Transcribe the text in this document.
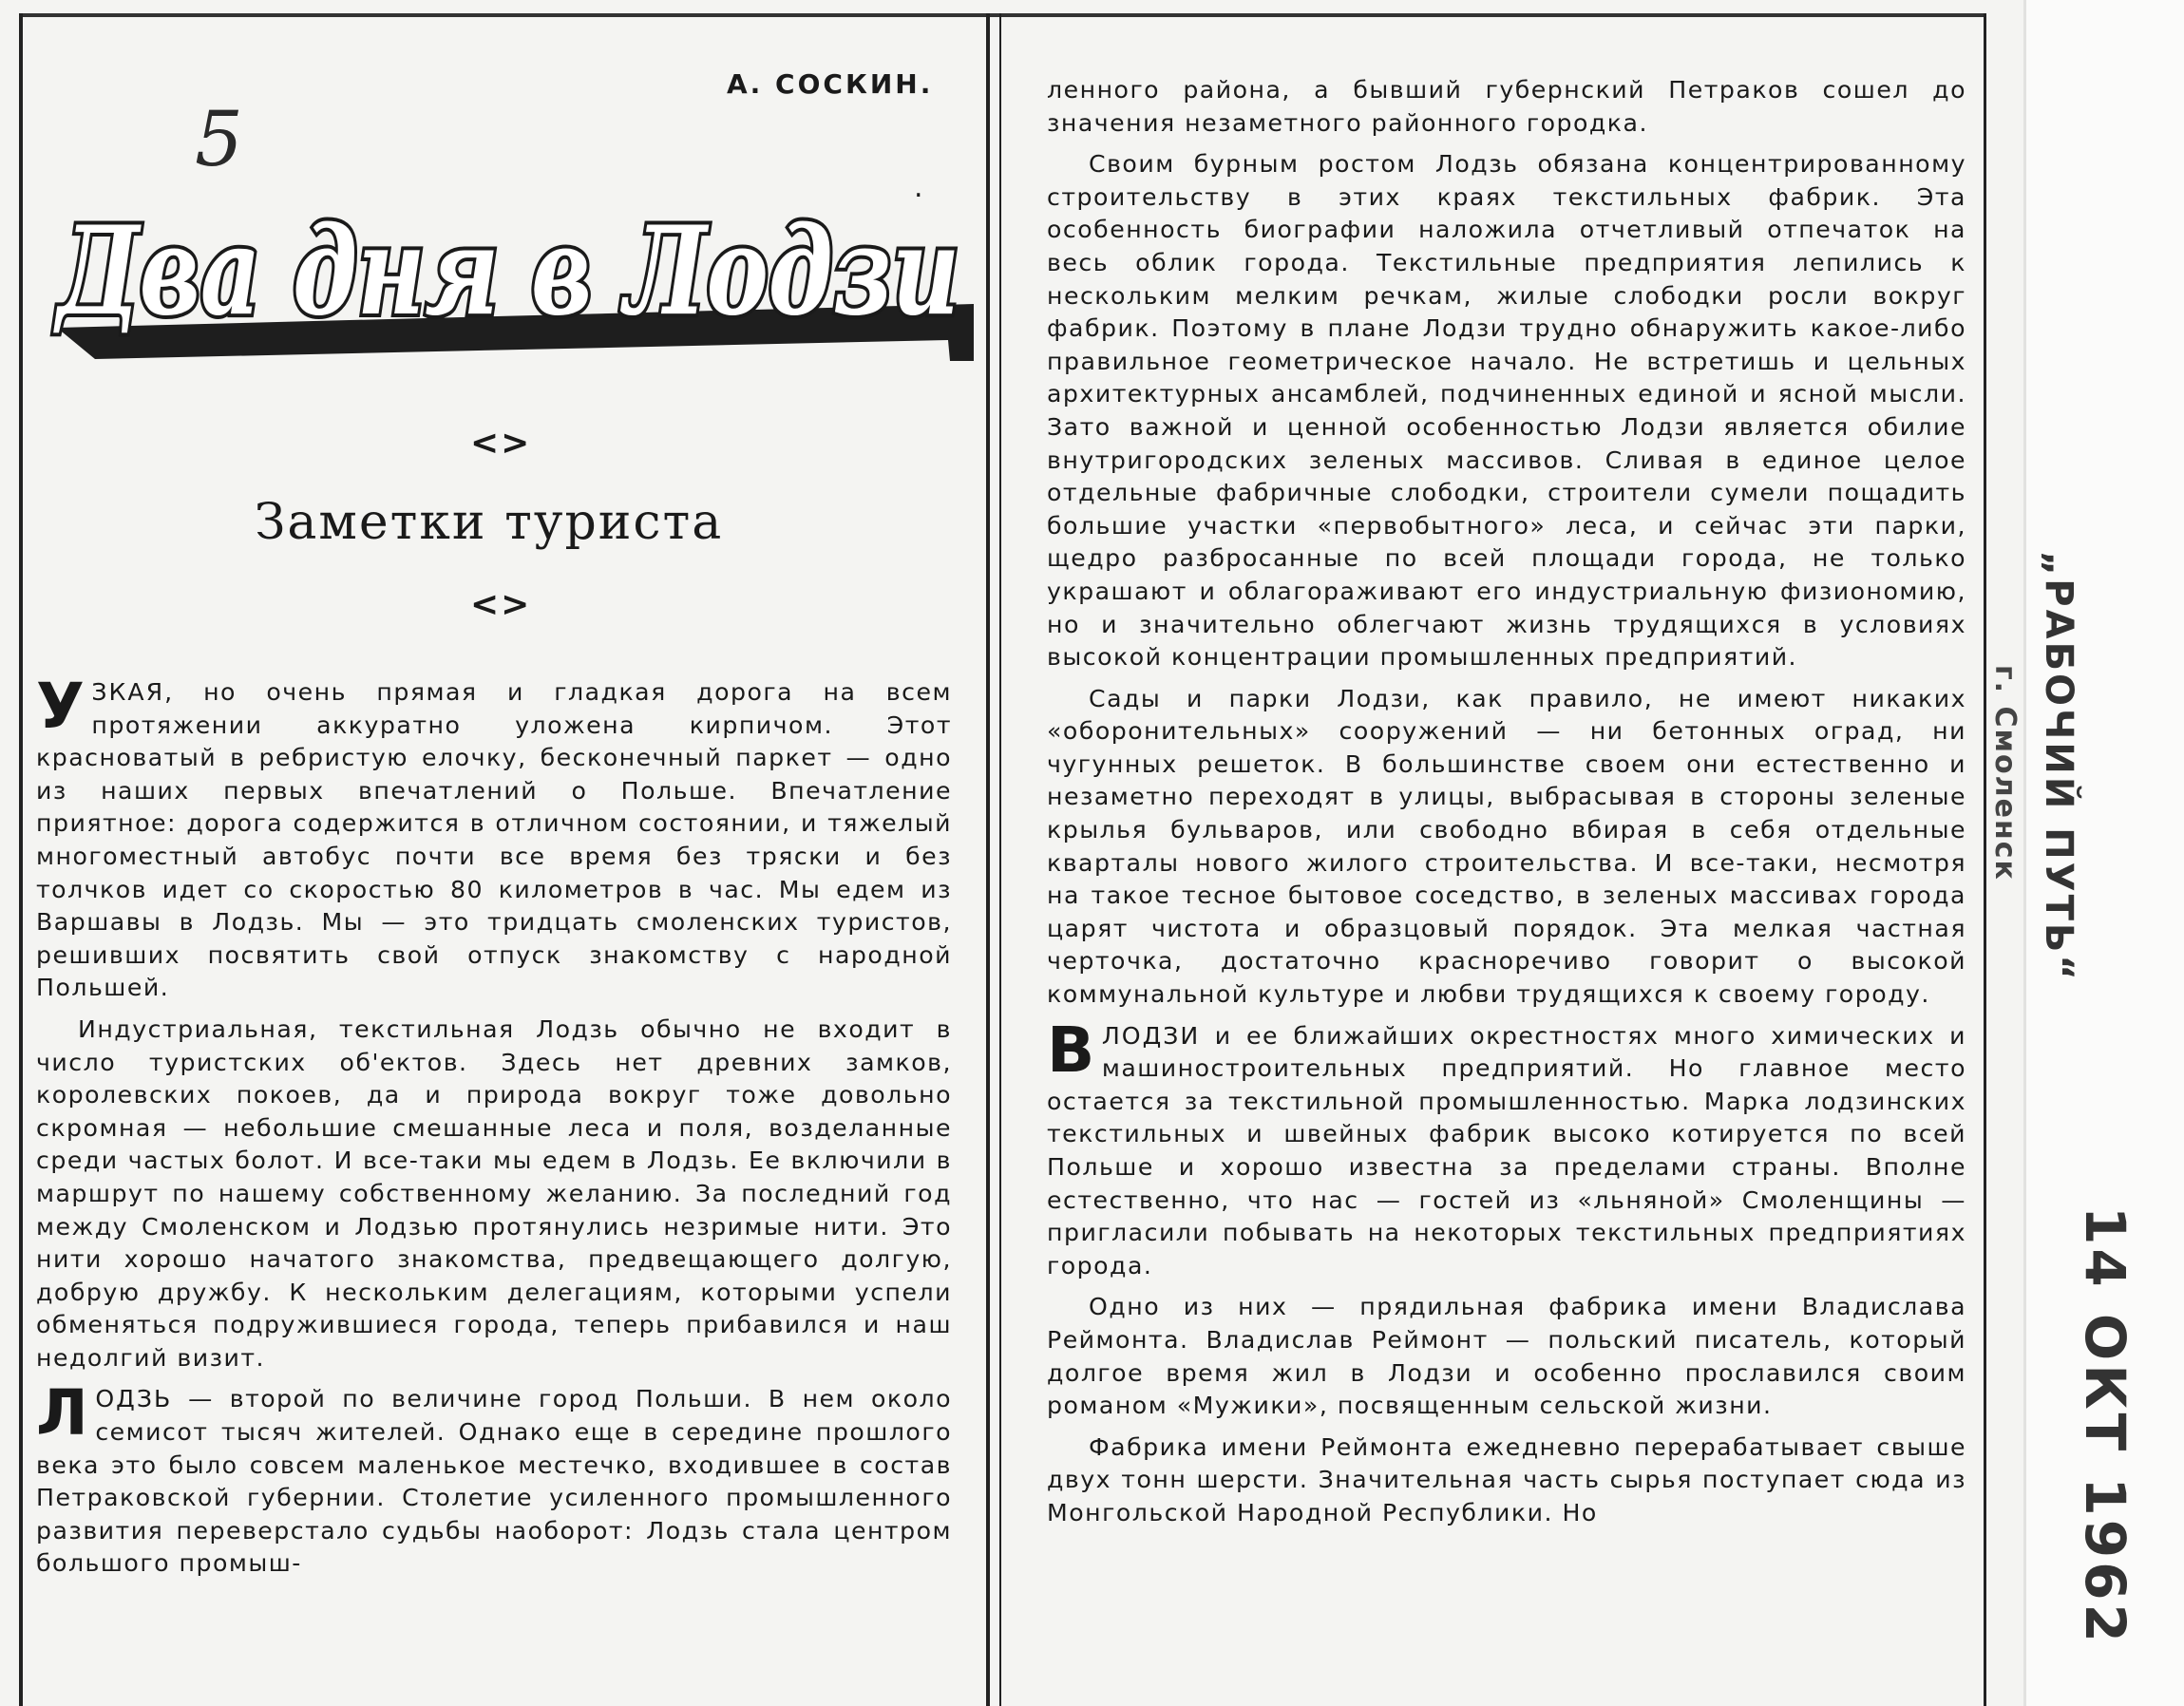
А. СОСКИН.
5
.
Два дня в Лодзи
<>
Заметки туриста
<>

УЗКАЯ, но очень прямая и гладкая дорога на всем протяжении аккуратно уложена кирпичом. Этот красноватый в ребристую елочку, бесконечный паркет — одно из наших первых впечатлений о Польше. Впечатление приятное: дорога содержится в отличном состоянии, и тяжелый многоместный автобус почти все время без тряски и без толчков идет со скоростью 80 километров в час. Мы едем из Варшавы в Лодзь. Мы — это тридцать смоленских туристов, решивших посвятить свой отпуск знакомству с народной Польшей.

Индустриальная, текстильная Лодзь обычно не входит в число туристских об'ектов. Здесь нет древних замков, королевских покоев, да и природа вокруг тоже довольно скромная — небольшие смешанные леса и поля, возделанные среди частых болот. И все-таки мы едем в Лодзь. Ее включили в маршрут по нашему собственному желанию. За последний год между Смоленском и Лодзью протянулись незримые нити. Это нити хорошо начатого знакомства, предвещающего долгую, добрую дружбу. К нескольким делегациям, которыми успели обменяться подружившиеся города, теперь прибавился и наш недолгий визит.

ЛОДЗЬ — второй по величине город Польши. В нем около семисот тысяч жителей. Однако еще в середине прошлого века это было совсем маленькое местечко, входившее в состав Петраковской губернии. Столетие усиленного промышленного развития переверстало судьбы наоборот: Лодзь стала центром большого промыш-

ленного района, а бывший губернский Петраков сошел до значения незаметного районного городка.

Своим бурным ростом Лодзь обязана концентрированному строительству в этих краях текстильных фабрик. Эта особенность биографии наложила отчетливый отпечаток на весь облик города. Текстильные предприятия лепились к нескольким мелким речкам, жилые слободки росли вокруг фабрик. Поэтому в плане Лодзи трудно обнаружить какое-либо правильное геометрическое начало. Не встретишь и цельных архитектурных ансамблей, подчиненных единой и ясной мысли. Зато важной и ценной особенностью Лодзи является обилие внутригородских зеленых массивов. Сливая в единое целое отдельные фабричные слободки, строители сумели пощадить большие участки «первобытного» леса, и сейчас эти парки, щедро разбросанные по всей площади города, не только украшают и облагораживают его индустриальную физиономию, но и значительно облегчают жизнь трудящихся в условиях высокой концентрации промышленных предприятий.

Сады и парки Лодзи, как правило, не имеют никаких «оборонительных» сооружений — ни бетонных оград, ни чугунных решеток. В большинстве своем они естественно и незаметно переходят в улицы, выбрасывая в стороны зеленые крылья бульваров, или свободно вбирая в себя отдельные кварталы нового жилого строительства. И все-таки, несмотря на такое тесное бытовое соседство, в зеленых массивах города царят чистота и образцовый порядок. Эта мелкая частная черточка, достаточно красноречиво говорит о высокой коммунальной культуре и любви трудящихся к своему городу.

В ЛОДЗИ и ее ближайших окрестностях много химических и машиностроительных предприятий. Но главное место остается за текстильной промышленностью. Марка лодзинских текстильных и швейных фабрик высоко котируется по всей Польше и хорошо известна за пределами страны. Вполне естественно, что нас — гостей из «льняной» Смоленщины — пригласили побывать на некоторых текстильных предприятиях города.

Одно из них — прядильная фабрика имени Владислава Реймонта. Владислав Реймонт — польский писатель, который долгое время жил в Лодзи и особенно прославился своим романом «Мужики», посвященным сельской жизни.

Фабрика имени Реймонта ежедневно перерабатывает свыше двух тонн шерсти. Значительная часть сырья поступает сюда из Монгольской Народной Республики. Но

„РАБОЧИЙ ПУТЬ“
г. Смоленск
14 ОКТ 1962
